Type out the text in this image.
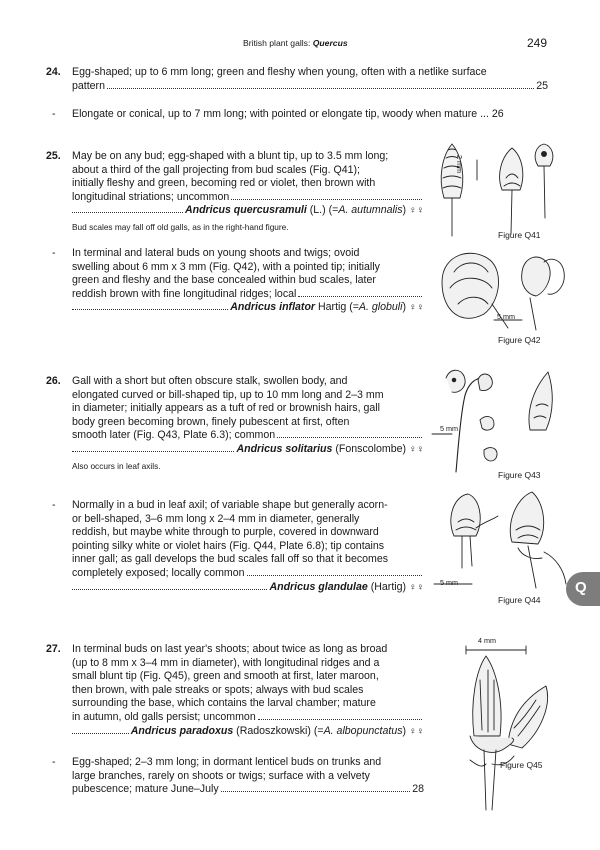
British plant galls: Quercus	249
24. Egg-shaped; up to 6 mm long; green and fleshy when young, often with a netlike surface
pattern	25
- Elongate or conical, up to 7 mm long; with pointed or elongate tip, woody when mature ... 26
25. May be on any bud; egg-shaped with a blunt tip, up to 3.5 mm long;
about a third of the gall projecting from bud scales (Fig. Q41);
initially fleshy and green, becoming red or violet, then brown with
longitudinal striations; uncommon
Andricus quercusramuli
(L.) (= A. autumnalis )
♀♀
Bud scales may fall off old galls, as in the right-hand figure.
- In terminal and lateral buds on young shoots and twigs; ovoid
swelling about 6 mm x 3 mm (Fig. Q42), with a pointed tip; initially
green and fleshy and the base concealed within bud scales, later
reddish brown with fine longitudinal ridges; local
Andricus inflator
Hartig (= A. globuli )
♀♀
26. Gall with a short but often obscure stalk, swollen body, and
elongated curved or bill-shaped tip, up to 10 mm long and 2–3 mm
in diameter; initially appears as a tuft of red or brownish hairs, gall
body green becoming brown, finely pubescent at first, often
smooth later (Fig. Q43, Plate 6.3); common
Andricus solitarius
(Fonscolombe)
♀♀
Also occurs in leaf axils.
- Normally in a bud in leaf axil; of variable shape but generally acorn-
or bell-shaped, 3–6 mm long x 2–4 mm in diameter, generally
reddish, but maybe white through to purple, covered in downward
pointing silky white or violet hairs (Fig. Q44, Plate 6.8); tip contains
inner gall; as gall develops the bud scales fall off so that it becomes
completely exposed; locally common
Andricus glandulae
(Hartig)
♀♀
27. In terminal buds on last year's shoots; about twice as long as broad
(up to 8 mm x 3–4 mm in diameter), with longitudinal ridges and a
small blunt tip (Fig. Q45), green and smooth at first, later maroon,
then brown, with pale streaks or spots; always with bud scales
surrounding the base, which contains the larval chamber; mature
in autumn, old galls persist; uncommon
Andricus paradoxus
(Radoszkowski) (= A. albopunctatus )
♀♀
- Egg-shaped; 2–3 mm long; in dormant lenticel buds on trunks and
large branches, rarely on shoots or twigs; surface with a velvety
pubescence; mature June–July	28
2 mm
Figure Q41
5 mm
Figure Q42
5 mm
Figure Q43
5 mm
Figure Q44
4 mm
Figure Q45
Q
